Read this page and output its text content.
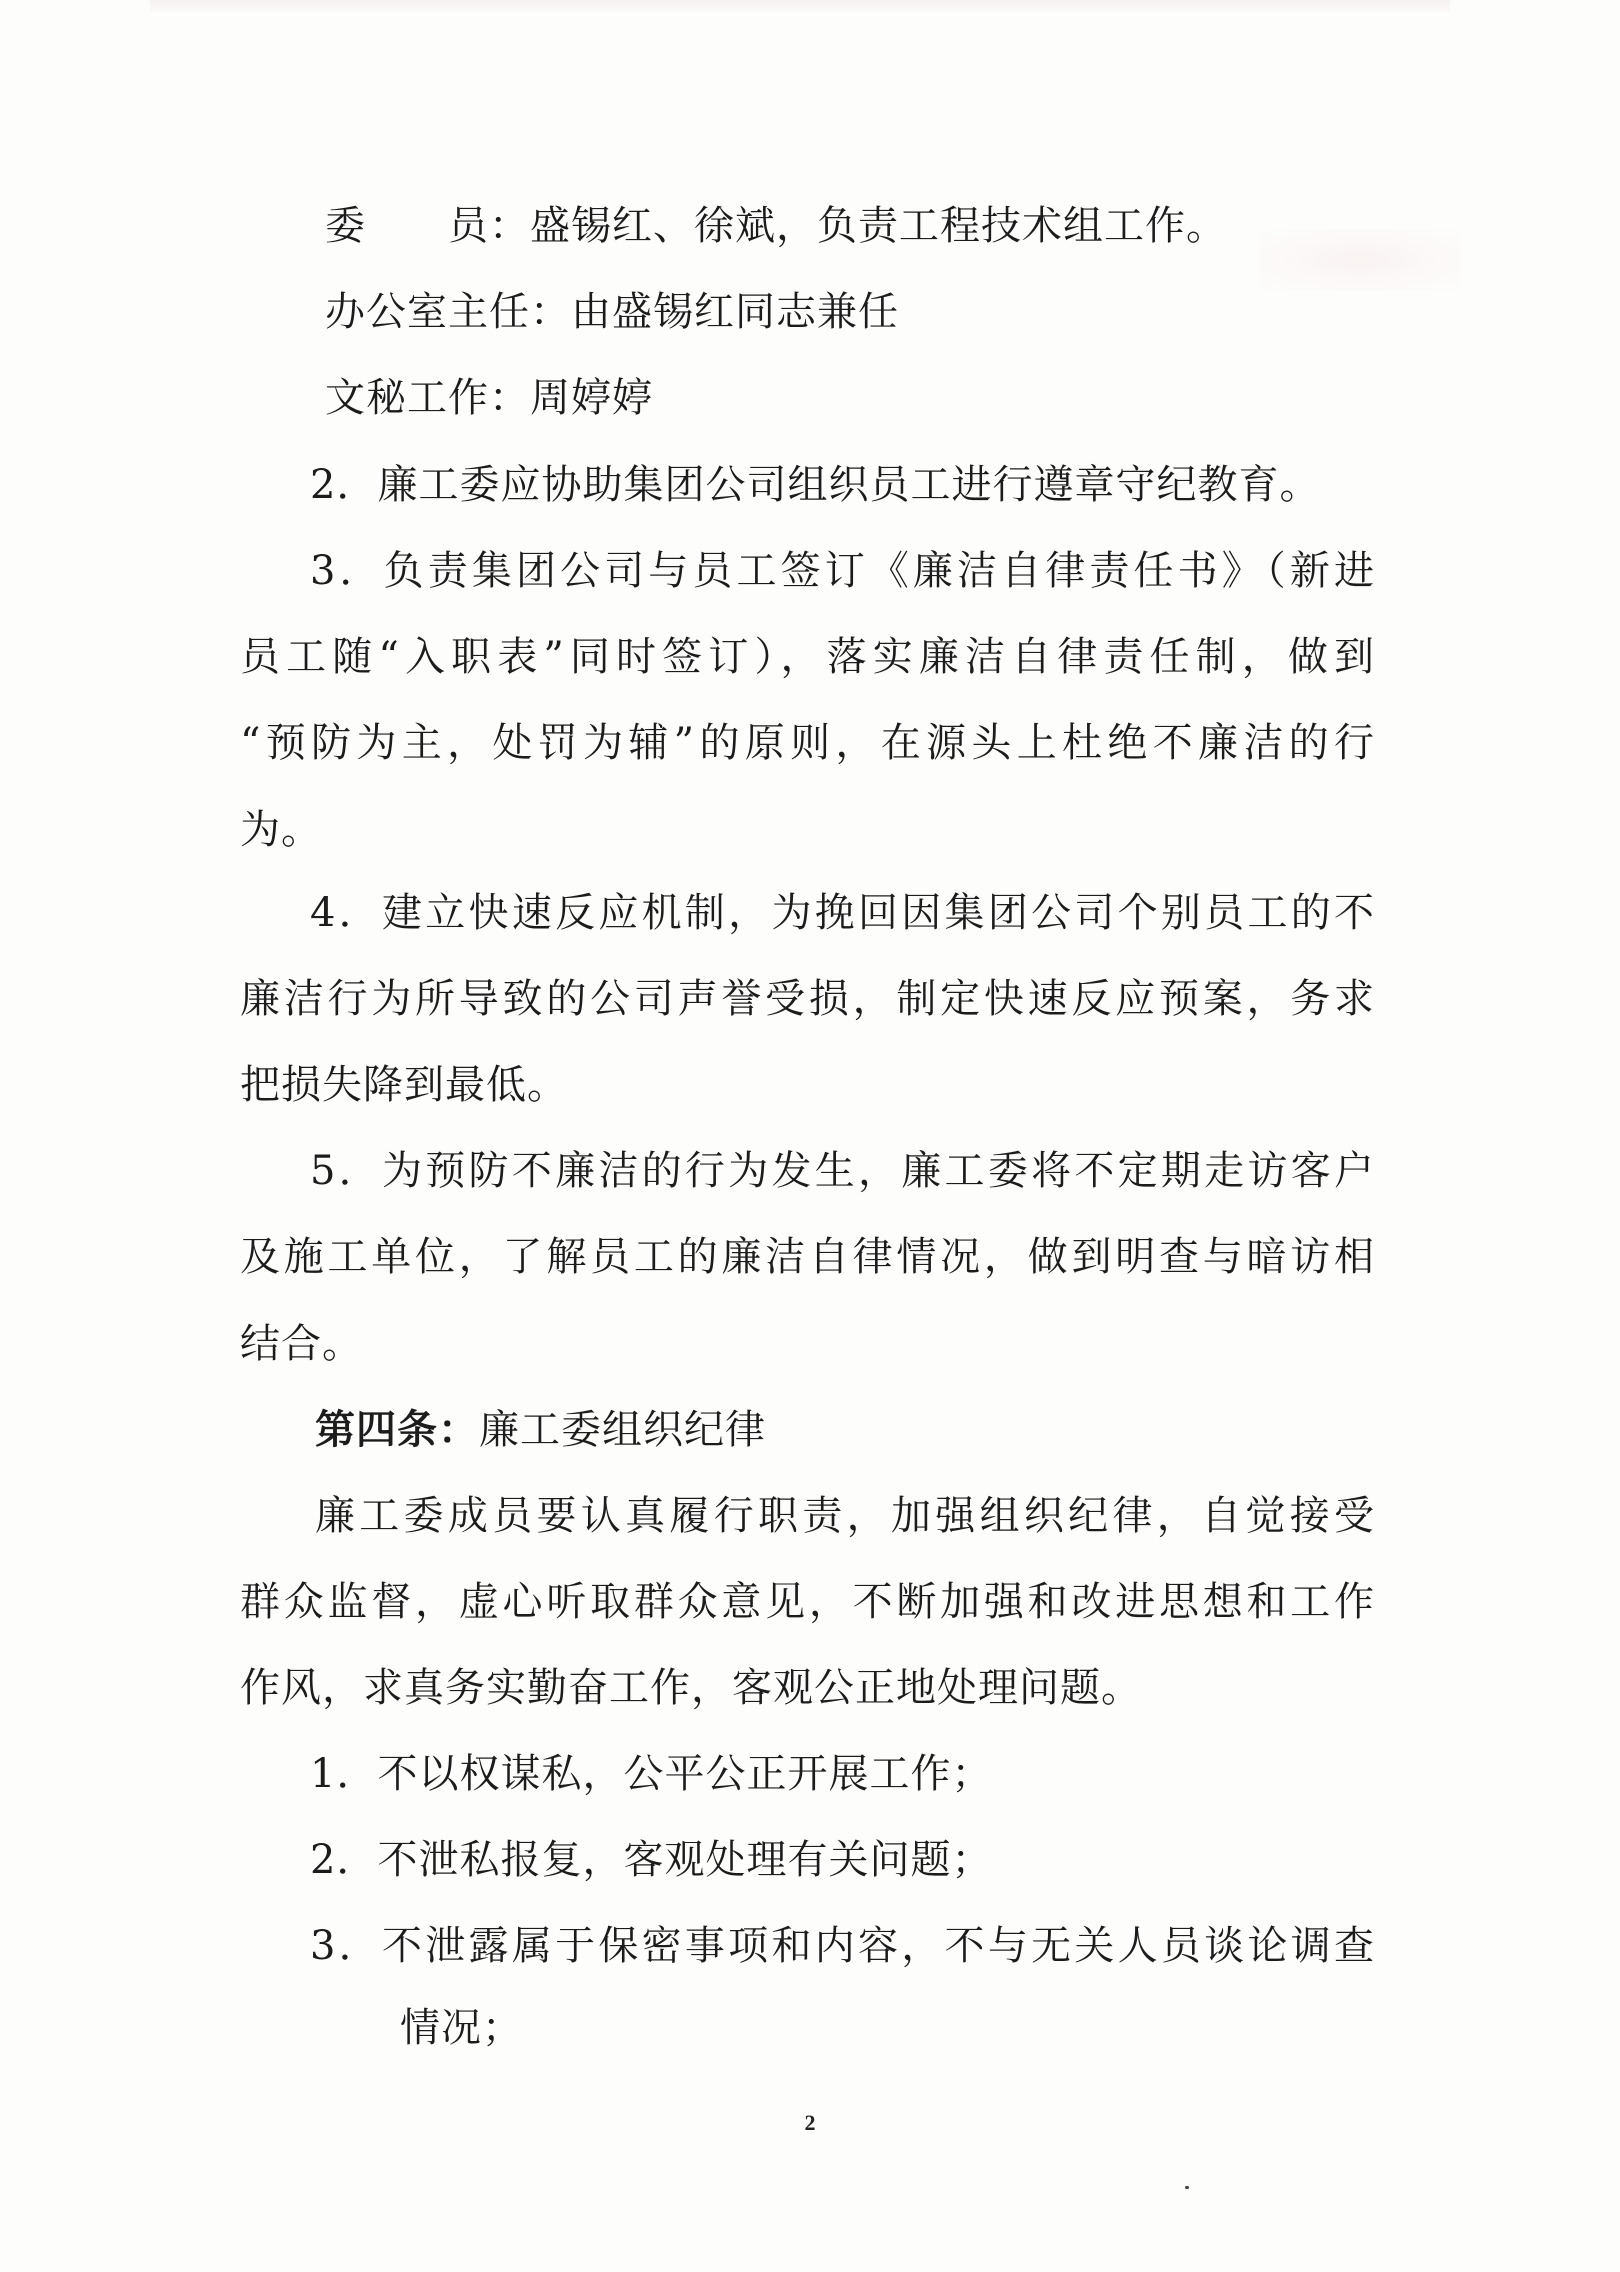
委　　员：盛锡红、徐斌，负责工程技术组工作。
办公室主任：由盛锡红同志兼任
文秘工作：周婷婷
2．廉工委应协助集团公司组织员工进行遵章守纪教育。
3．负责集团公司与员工签订《廉洁自律责任书》（新进
员工随“入职表”同时签订），落实廉洁自律责任制，做到
“预防为主，处罚为辅”的原则，在源头上杜绝不廉洁的行
为。
4．建立快速反应机制，为挽回因集团公司个别员工的不
廉洁行为所导致的公司声誉受损，制定快速反应预案，务求
把损失降到最低。
5．为预防不廉洁的行为发生，廉工委将不定期走访客户
及施工单位，了解员工的廉洁自律情况，做到明查与暗访相
结合。
第四条：廉工委组织纪律
廉工委成员要认真履行职责，加强组织纪律，自觉接受
群众监督，虚心听取群众意见，不断加强和改进思想和工作
作风，求真务实勤奋工作，客观公正地处理问题。
1．不以权谋私，公平公正开展工作；
2．不泄私报复，客观处理有关问题；
3．不泄露属于保密事项和内容，不与无关人员谈论调查
情况；
2
